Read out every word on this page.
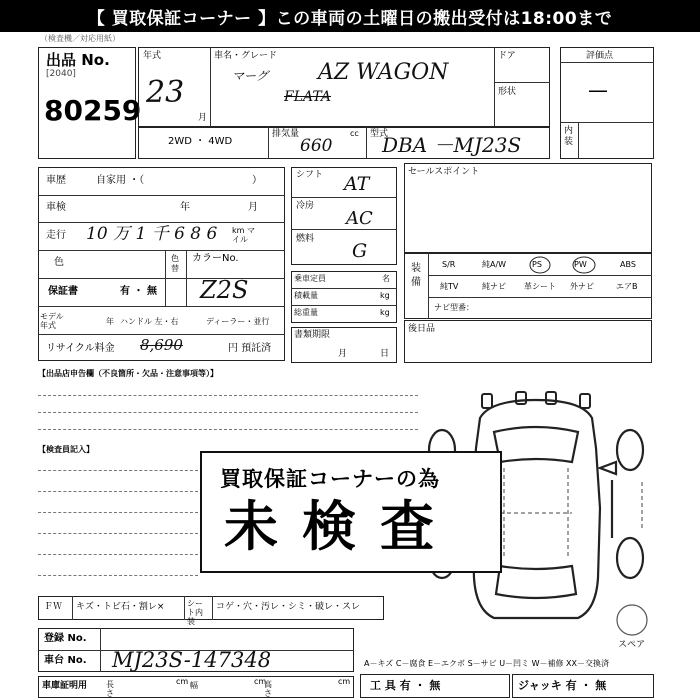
【 買取保証コーナー 】この車両の土曜日の搬出受付は18:00まで
（検査機／対応用紙）
出品 No.
[2040]
80259
年式
23
月
車名・グレード
マーグ AZ WAGON
FLATA
ドア
形状
評価点
—
内装
2WD ・ 4WD
排気量
660
cc 型式
DBA －MJ23S
車歴	自家用 ・（	）
車検	年	月
走行 10 万 1 千 6 8 6 km マイル
色	色替
カラーNo.
Z2S
保証書	有 ・ 無
モデル年式	年 ハンドル 左・右	ディーラー・並行
リサイクル料金 8,690	円 預託済
シフト AT
冷房
AC
燃料
G
乗車定員	名
積載量	kg
総重量	kg
書類期限
月	日
セールスポイント
装備
S/R	純A/W	PS	PW	ABS
純TV	純ナビ 革シート 外ナビ	エアB
ナビ型番：
後日品
【出品店申告欄（不良箇所・欠品・注意事項等）】
【検査員記入】
買取保証コーナーの為
未検査
ＦＷ キズ・トビ石・割レ×	シート内装
コゲ・穴・汚レ・シミ・破レ・スレ
登録 No.
車台 No. MJ23S-147348
車庫証明用 長さ
cm 幅	cm
高さ
cm
スペア
A－キズ C－腐食 E－エクボ S－サビ U－凹ミ W－補修 XX－交換済
工 具 有 ・ 無	ジャッキ 有 ・ 無
